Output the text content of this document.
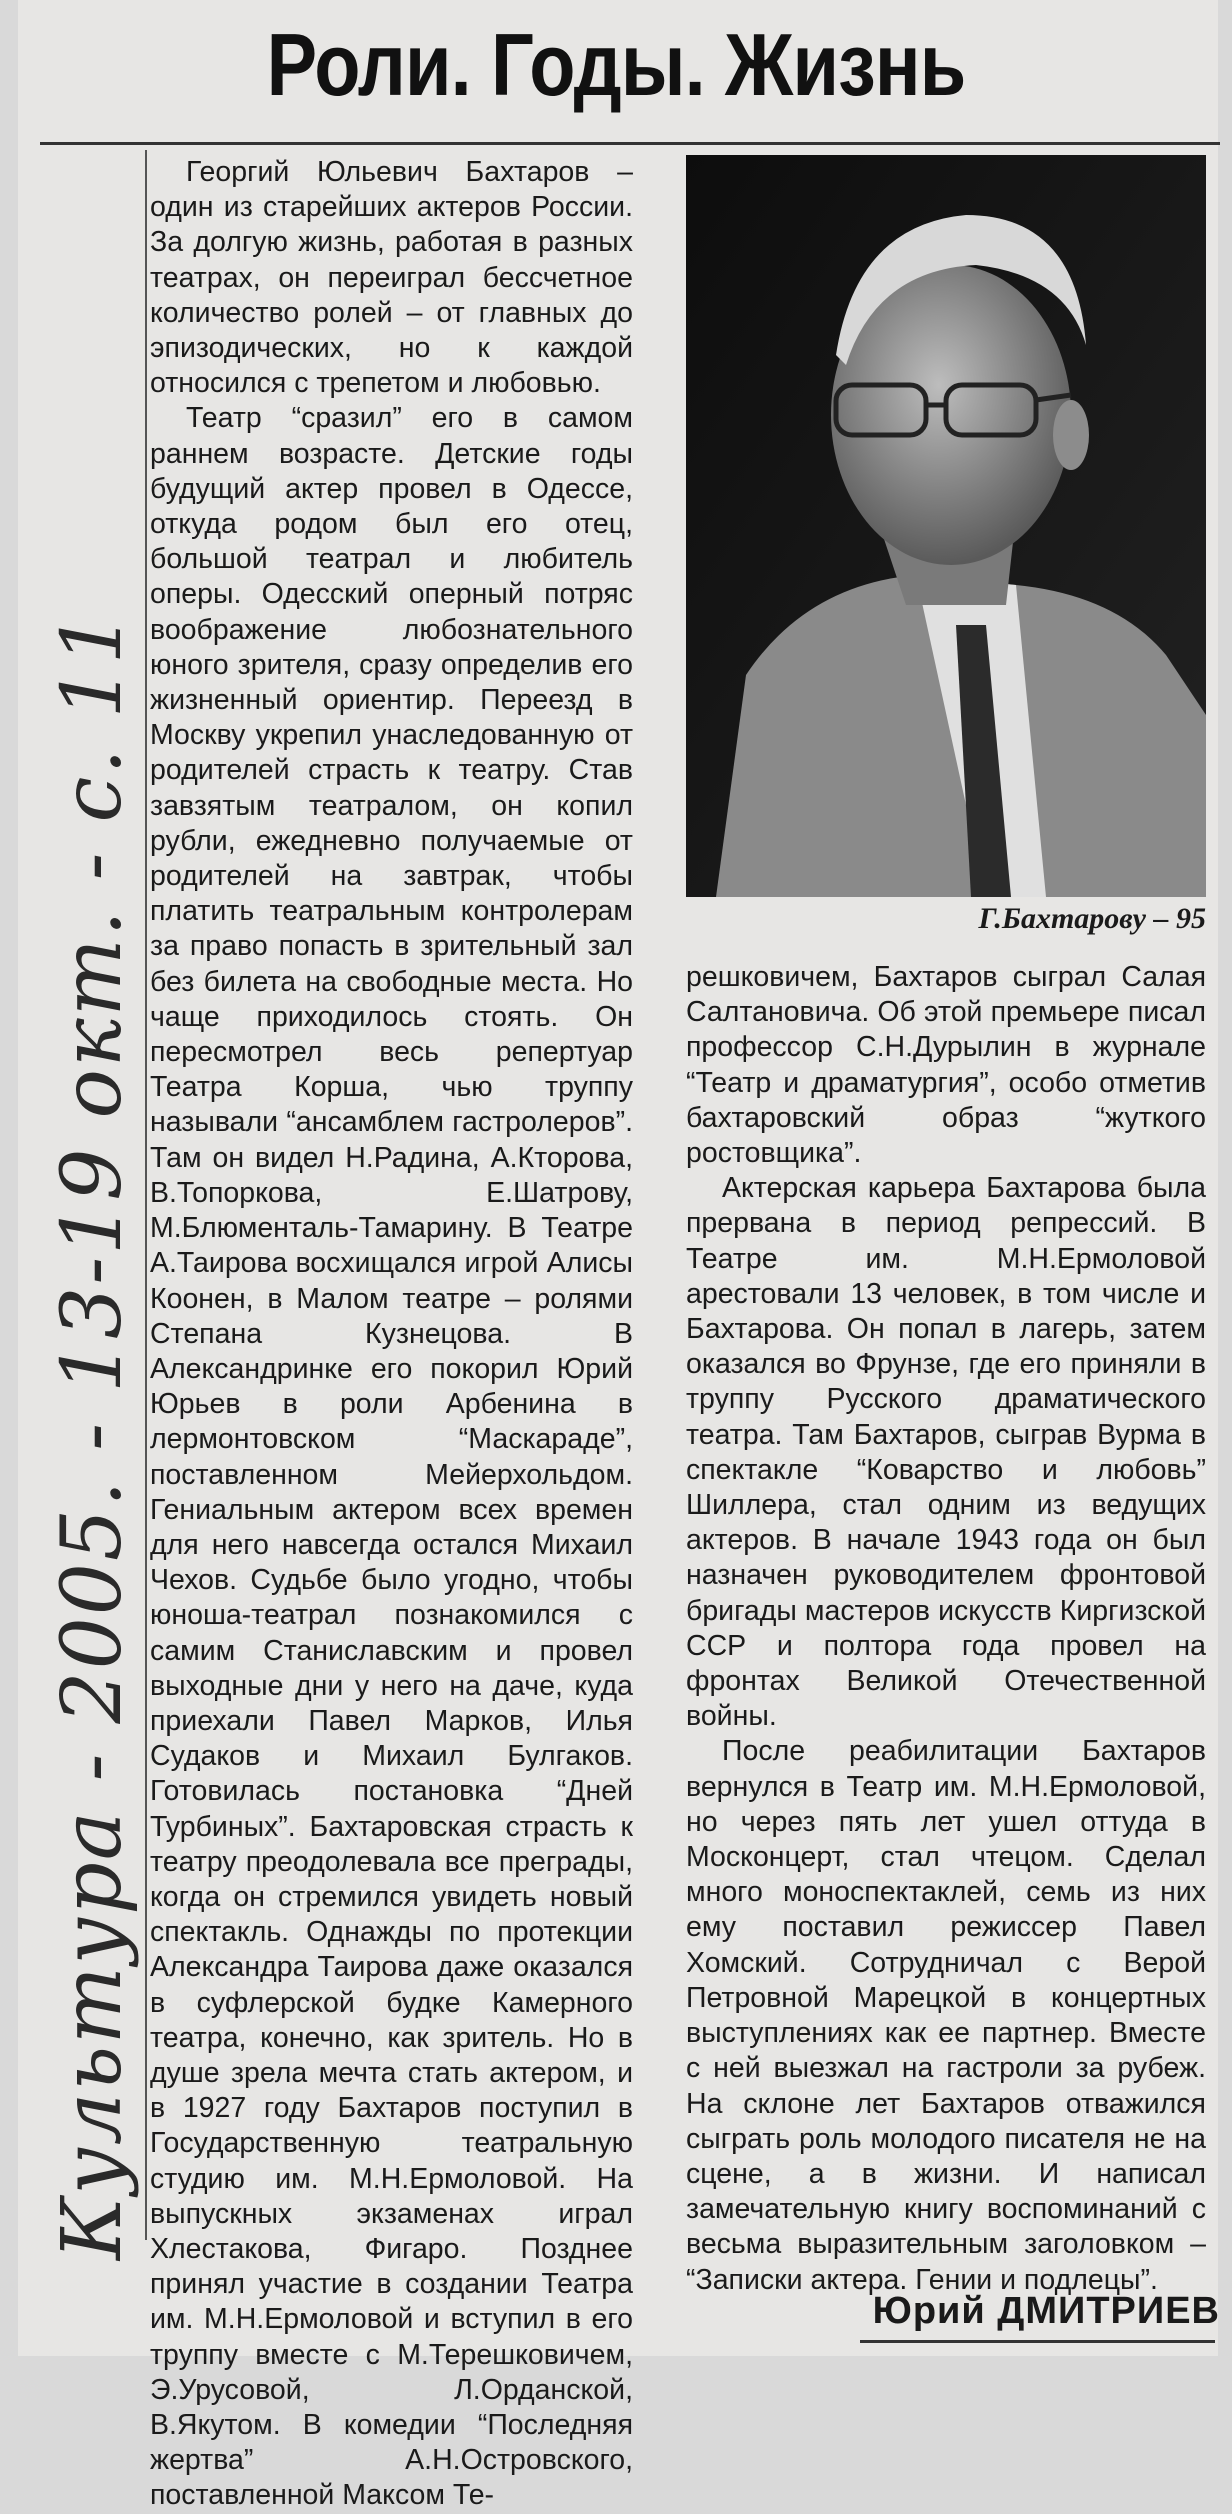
Роли. Годы. Жизнь
Культура - 2005. - 13-19 окт. - с. 11

Георгий Юльевич Бахтаров – один из старейших актеров России. За долгую жизнь, работая в разных театрах, он переиграл бессчетное количество ролей – от главных до эпизодических, но к каждой относился с трепетом и любовью.

Театр “сразил” его в самом раннем возрасте. Детские годы будущий актер провел в Одессе, откуда родом был его отец, большой театрал и любитель оперы. Одесский оперный потряс воображение любознательного юного зрителя, сразу определив его жизненный ориентир. Переезд в Москву укрепил унаследованную от родителей страсть к театру. Став завзятым театралом, он копил рубли, ежедневно получаемые от родителей на завтрак, чтобы платить театральным контролерам за право попасть в зрительный зал без билета на свободные места. Но чаще приходилось стоять. Он пересмотрел весь репертуар Театра Корша, чью труппу называли “ансамблем гастролеров”. Там он видел Н.Радина, А.Кторова, В.Топоркова, Е.Шатрову, М.Блюменталь-Тамарину. В Театре А.Таирова восхищался игрой Алисы Коонен, в Малом театре – ролями Степана Кузнецова. В Александринке его покорил Юрий Юрьев в роли Арбенина в лермонтовском “Маскараде”, поставленном Мейерхольдом. Гениальным актером всех времен для него навсегда остался Михаил Чехов. Судьбе было угодно, чтобы юноша-театрал познакомился с самим Станиславским и провел выходные дни у него на даче, куда приехали Павел Марков, Илья Судаков и Михаил Булгаков. Готовилась постановка “Дней Турбиных”. Бахтаровская страсть к театру преодолевала все преграды, когда он стремился увидеть новый спектакль. Однажды по протекции Александра Таирова даже оказался в суфлерской будке Камерного театра, конечно, как зритель. Но в душе зрела мечта стать актером, и в 1927 году Бахтаров поступил в Государственную театральную студию им. М.Н.Ермоловой. На выпускных экзаменах играл Хлестакова, Фигаро. Позднее принял участие в создании Театра им. М.Н.Ермоловой и вступил в его труппу вместе с М.Терешковичем, Э.Урусовой, Л.Орданской, В.Якутом. В комедии “Последняя жертва” А.Н.Островского, поставленной Максом Те-

Г.Бахтарову – 95

решковичем, Бахтаров сыграл Салая Салтановича. Об этой премьере писал профессор С.Н.Дурылин в журнале “Театр и драматургия”, особо отметив бахтаровский образ “жуткого ростовщика”.

Актерская карьера Бахтарова была прервана в период репрессий. В Театре им. М.Н.Ермоловой арестовали 13 человек, в том числе и Бахтарова. Он попал в лагерь, затем оказался во Фрунзе, где его приняли в труппу Русского драматического театра. Там Бахтаров, сыграв Вурма в спектакле “Коварство и любовь” Шиллера, стал одним из ведущих актеров. В начале 1943 года он был назначен руководителем фронтовой бригады мастеров искусств Киргизской ССР и полтора года провел на фронтах Великой Отечественной войны.

После реабилитации Бахтаров вернулся в Театр им. М.Н.Ермоловой, но через пять лет ушел оттуда в Москонцерт, стал чтецом. Сделал много моноспектаклей, семь из них ему поставил режиссер Павел Хомский. Сотрудничал с Верой Петровной Марецкой в концертных выступлениях как ее партнер. Вместе с ней выезжал на гастроли за рубеж. На склоне лет Бахтаров отважился сыграть роль молодого писателя не на сцене, а в жизни. И написал замечательную книгу воспоминаний с весьма выразительным заголовком – “Записки актера. Гении и подлецы”.

Юрий ДМИТРИЕВ
